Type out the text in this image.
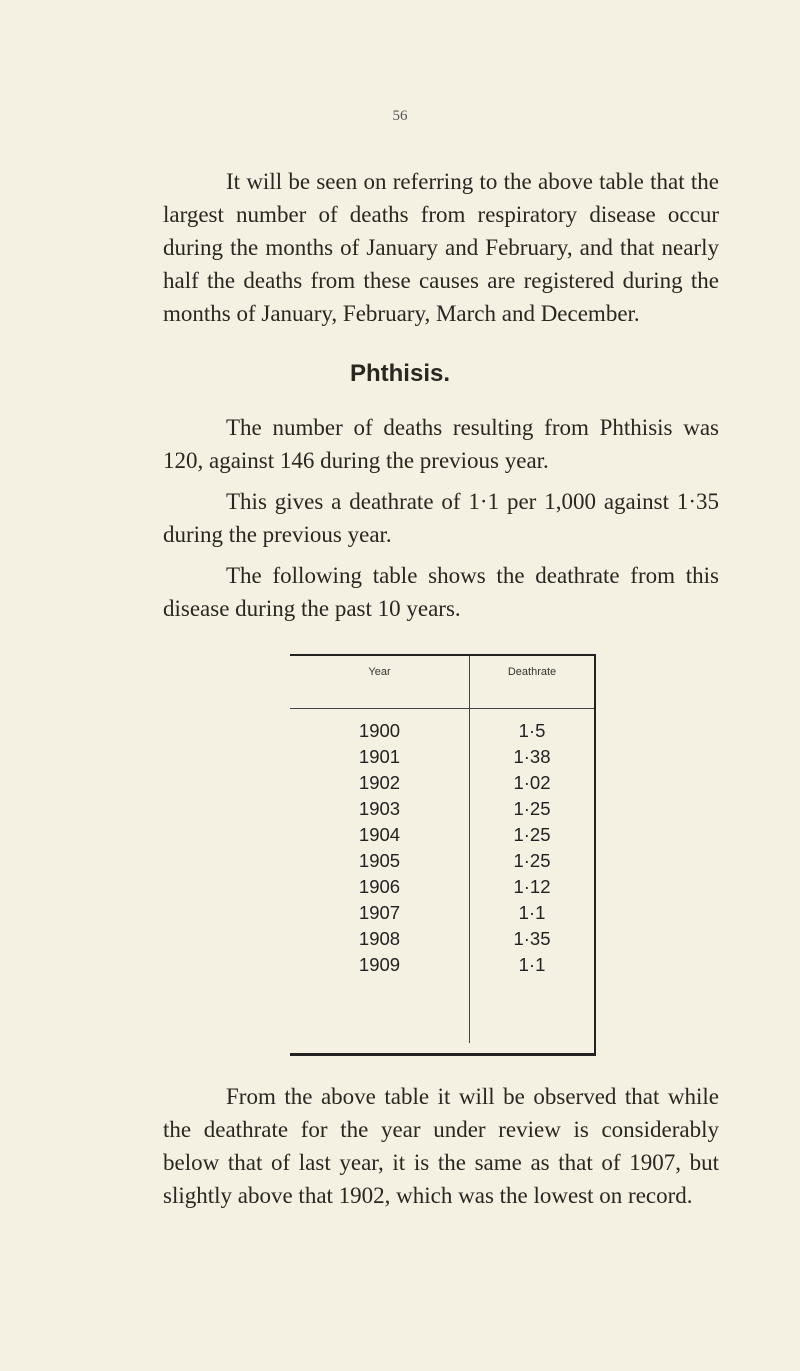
56

It will be seen on referring to the above table that the largest number of deaths from respiratory disease occur during the months of January and February, and that nearly half the deaths from these causes are registered during the months of January, February, March and December.

Phthisis.

The number of deaths resulting from Phthisis was 120, against 146 during the previous year.

This gives a deathrate of 1·1 per 1,000 against 1·35 during the previous year.

The following table shows the deathrate from this disease during the past 10 years.

Year	Deathrate
1900	1·5
1901	1·38
1902	1·02
1903	1·25
1904	1·25
1905	1·25
1906	1·12
1907	1·1
1908	1·35
1909	1·1

From the above table it will be observed that while the deathrate for the year under review is considerably below that of last year, it is the same as that of 1907, but slightly above that 1902, which was the lowest on record.
